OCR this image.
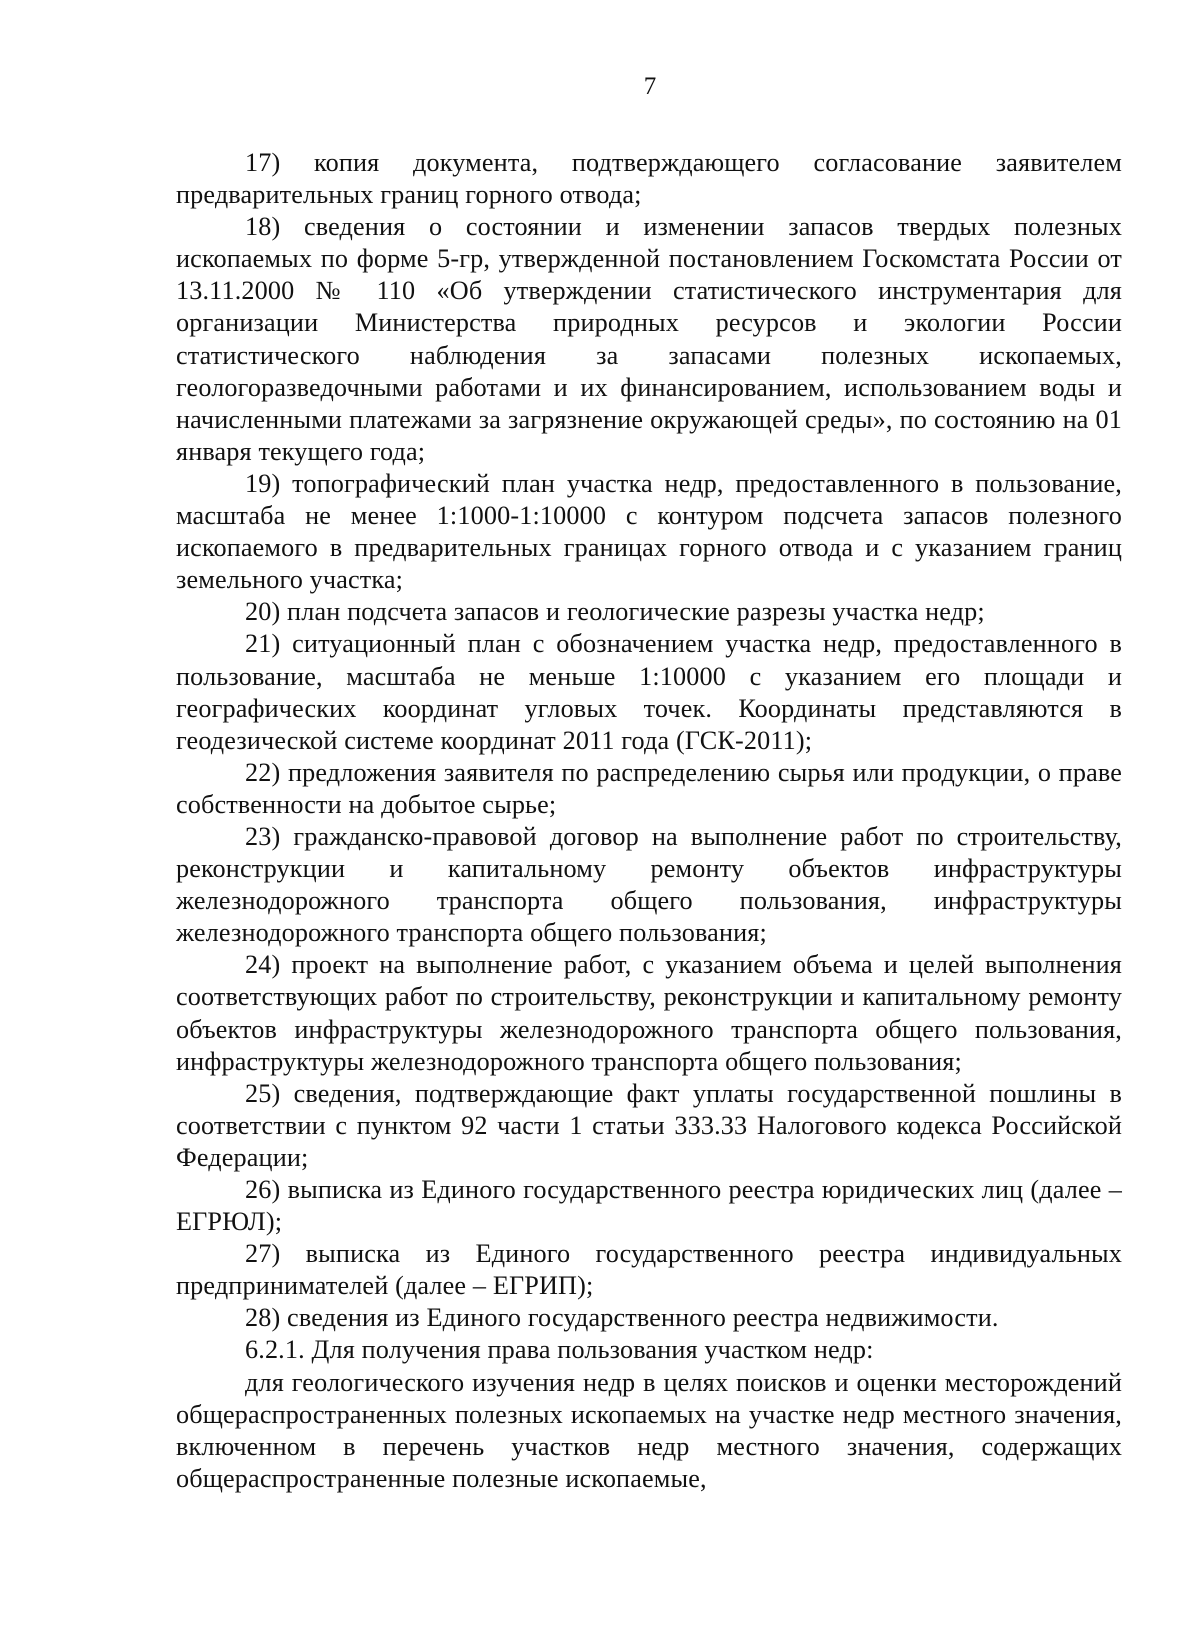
7

17) копия документа, подтверждающего согласование заявителем предварительных границ горного отвода;

18) сведения о состоянии и изменении запасов твердых полезных ископаемых по форме 5-гр, утвержденной постановлением Госкомстата России от 13.11.2000 № 110 «Об утверждении статистического инструментария для организации Министерства природных ресурсов и экологии России статистического наблюдения за запасами полезных ископаемых, геологоразведочными работами и их финансированием, использованием воды и начисленными платежами за загрязнение окружающей среды», по состоянию на 01 января текущего года;

19) топографический план участка недр, предоставленного в пользование, масштаба не менее 1:1000-1:10000 с контуром подсчета запасов полезного ископаемого в предварительных границах горного отвода и с указанием границ земельного участка;

20) план подсчета запасов и геологические разрезы участка недр;

21) ситуационный план с обозначением участка недр, предоставленного в пользование, масштаба не меньше 1:10000 с указанием его площади и географических координат угловых точек. Координаты представляются в геодезической системе координат 2011 года (ГСК-2011);

22) предложения заявителя по распределению сырья или продукции, о праве собственности на добытое сырье;

23) гражданско-правовой договор на выполнение работ по строительству, реконструкции и капитальному ремонту объектов инфраструктуры железнодорожного транспорта общего пользования, инфраструктуры железнодорожного транспорта общего пользования;

24) проект на выполнение работ, с указанием объема и целей выполнения соответствующих работ по строительству, реконструкции и капитальному ремонту объектов инфраструктуры железнодорожного транспорта общего пользования, инфраструктуры железнодорожного транспорта общего пользования;

25) сведения, подтверждающие факт уплаты государственной пошлины в соответствии с пунктом 92 части 1 статьи 333.33 Налогового кодекса Российской Федерации;

26) выписка из Единого государственного реестра юридических лиц (далее – ЕГРЮЛ);

27) выписка из Единого государственного реестра индивидуальных предпринимателей (далее – ЕГРИП);

28) сведения из Единого государственного реестра недвижимости.

6.2.1. Для получения права пользования участком недр:

для геологического изучения недр в целях поисков и оценки месторождений общераспространенных полезных ископаемых на участке недр местного значения, включенном в перечень участков недр местного значения, содержащих общераспространенные полезные ископаемые,
